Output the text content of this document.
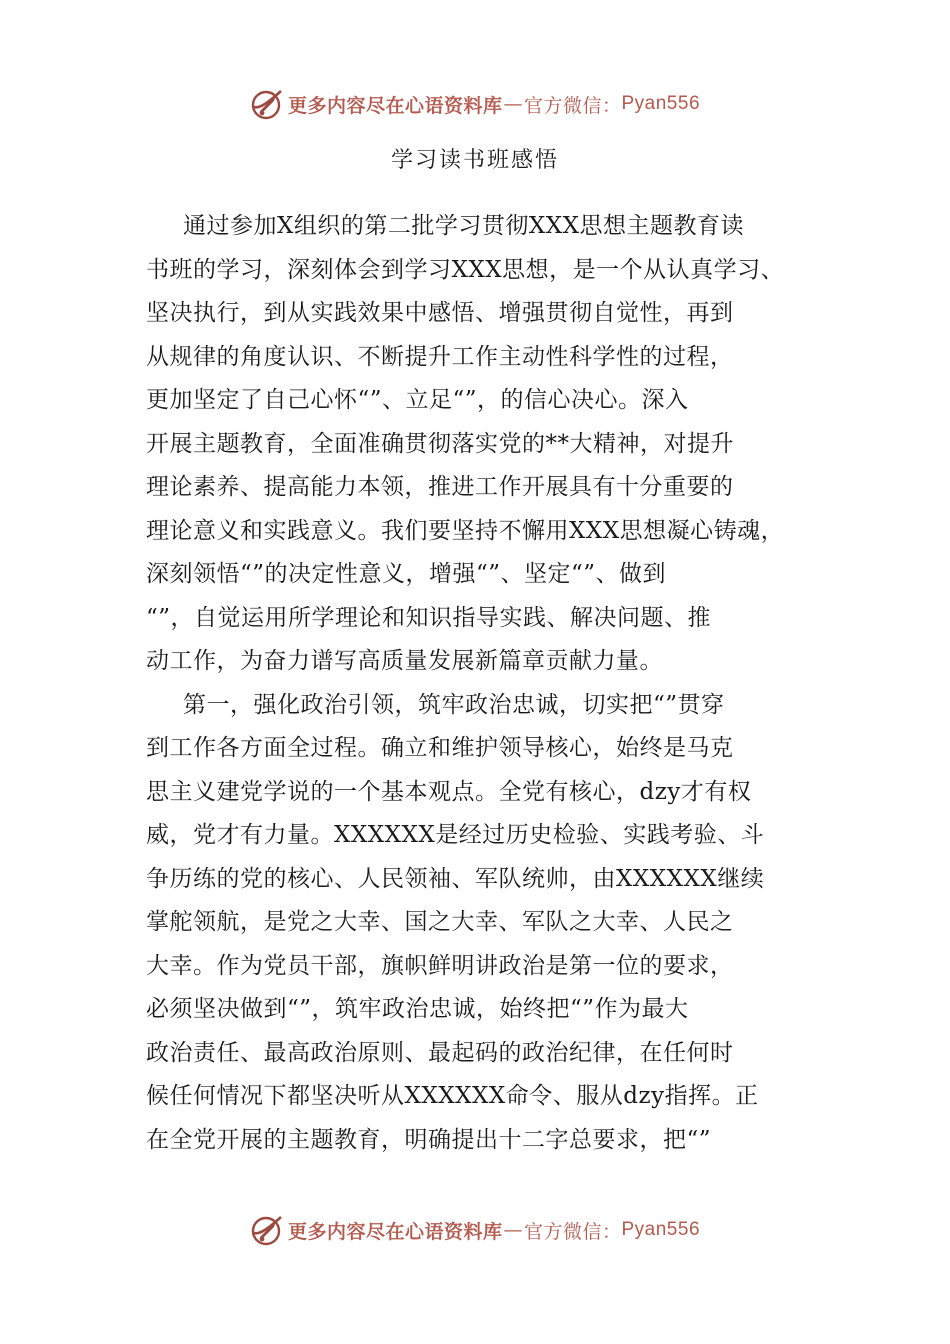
更多内容尽在心语资料库 — 官方微信： Pyan556
学习读书班感悟
通过参加X组织的第二批学习贯彻XXX思想主题教育读
书班的学习，深刻体会到学习XXX思想，是一个从认真学习、
坚决执行，到从实践效果中感悟、增强贯彻自觉性，再到
从规律的角度认识、不断提升工作主动性科学性的过程，
更加坚定了自己心怀“”、立足“”，的信心决心。深入
开展主题教育，全面准确贯彻落实党的**大精神，对提升
理论素养、提高能力本领，推进工作开展具有十分重要的
理论意义和实践意义。我们要坚持不懈用XXX思想凝心铸魂，
深刻领悟“”的决定性意义，增强“”、坚定“”、做到
“”，自觉运用所学理论和知识指导实践、解决问题、推
动工作，为奋力谱写高质量发展新篇章贡献力量。
第一，强化政治引领，筑牢政治忠诚，切实把“”贯穿
到工作各方面全过程。确立和维护领导核心，始终是马克
思主义建党学说的一个基本观点。全党有核心，dzy才有权
威，党才有力量。XXXXXX是经过历史检验、实践考验、斗
争历练的党的核心、人民领袖、军队统帅，由XXXXXX继续
掌舵领航，是党之大幸、国之大幸、军队之大幸、人民之
大幸。作为党员干部，旗帜鲜明讲政治是第一位的要求，
必须坚决做到“”，筑牢政治忠诚，始终把“”作为最大
政治责任、最高政治原则、最起码的政治纪律，在任何时
候任何情况下都坚决听从XXXXXX命令、服从dzy指挥。正
在全党开展的主题教育，明确提出十二字总要求，把“”
更多内容尽在心语资料库 — 官方微信： Pyan556
